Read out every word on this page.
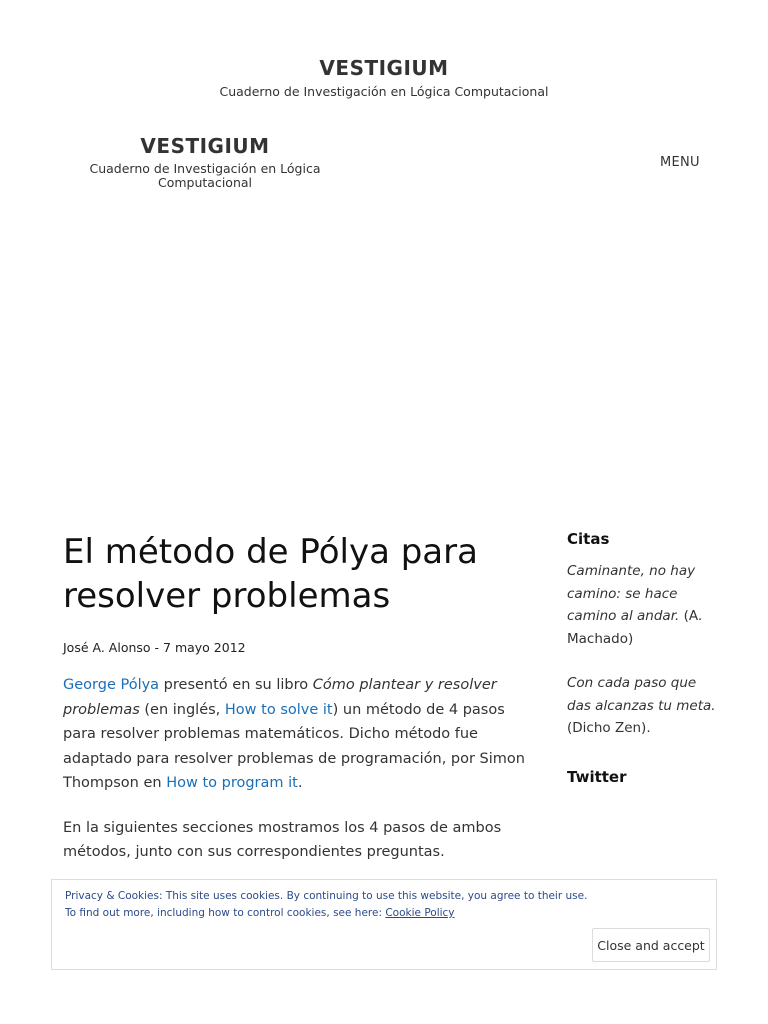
VESTIGIUM
Cuaderno de Investigación en Lógica Computacional
VESTIGIUM
Cuaderno de Investigación en Lógica Computacional
MENU
El método de Pólya para resolver problemas
José A. Alonso - 7 mayo 2012

George Pólya presentó en su libro Cómo plantear y resolver problemas (en inglés, How to solve it) un método de 4 pasos para resolver problemas matemáticos. Dicho método fue adaptado para resolver problemas de programación, por Simon Thompson en How to program it.

En la siguientes secciones mostramos los 4 pasos de ambos métodos, junto con sus correspondientes preguntas.

Citas
Caminante, no hay camino: se hace camino al andar. (A. Machado)
Con cada paso que das alcanzas tu meta. (Dicho Zen).
Twitter
Privacy & Cookies: This site uses cookies. By continuing to use this website, you agree to their use.
To find out more, including how to control cookies, see here: Cookie Policy
Close and accept
